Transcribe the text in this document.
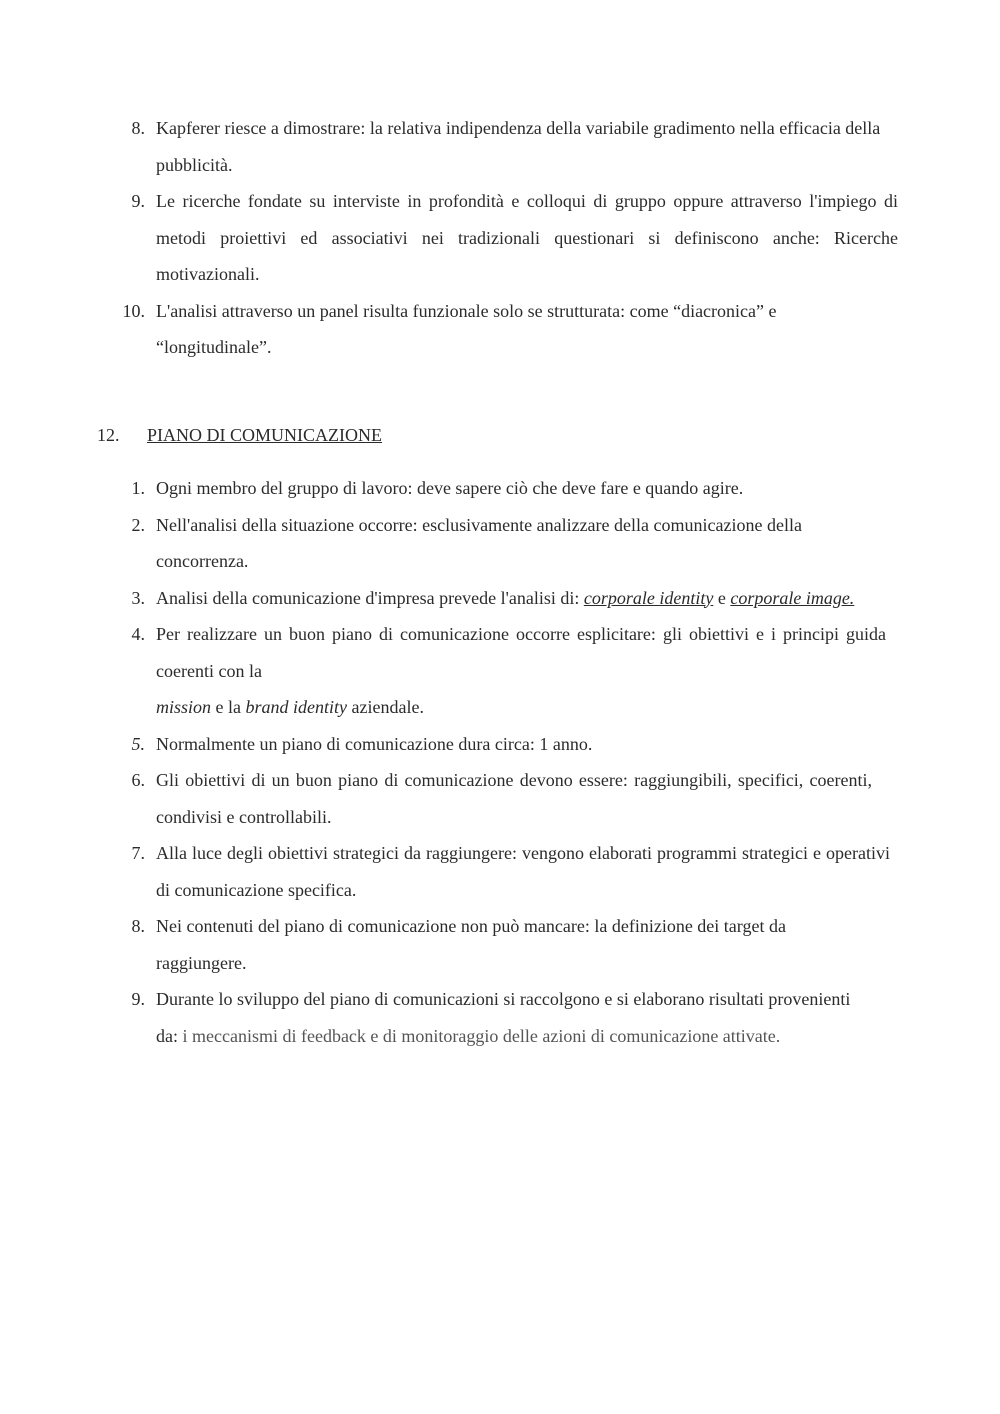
8. Kapferer riesce a dimostrare: la relativa indipendenza della variabile gradimento nella efficacia della pubblicità.
9. Le ricerche fondate su interviste in profondità e colloqui di gruppo oppure attraverso l'impiego di metodi proiettivi ed associativi nei tradizionali questionari si definiscono anche: Ricerche motivazionali.
10. L'analisi attraverso un panel risulta funzionale solo se strutturata: come “diacronica” e “longitudinale”.
12. PIANO DI COMUNICAZIONE
1. Ogni membro del gruppo di lavoro: deve sapere ciò che deve fare e quando agire.
2. Nell'analisi della situazione occorre: esclusivamente analizzare della comunicazione della concorrenza.
3. Analisi della comunicazione d'impresa prevede l'analisi di: corporale identity e corporale image.
4. Per realizzare un buon piano di comunicazione occorre esplicitare: gli obiettivi e i principi guida coerenti con la
mission e la brand identity aziendale.
5. Normalmente un piano di comunicazione dura circa: 1 anno.
6. Gli obiettivi di un buon piano di comunicazione devono essere: raggiungibili, specifici, coerenti, condivisi e controllabili.
7. Alla luce degli obiettivi strategici da raggiungere: vengono elaborati programmi strategici e operativi di comunicazione specifica.
8. Nei contenuti del piano di comunicazione non può mancare: la definizione dei target da raggiungere.
9. Durante lo sviluppo del piano di comunicazioni si raccolgono e si elaborano risultati provenienti da: i meccanismi di feedback e di monitoraggio delle azioni di comunicazione attivate.
